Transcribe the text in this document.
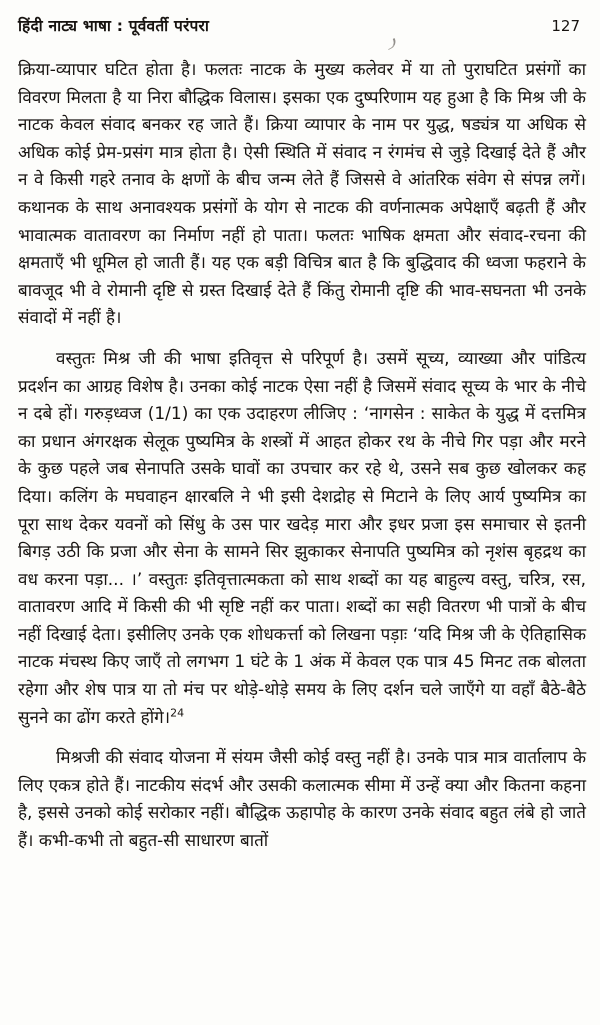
हिंदी नाट्य भाषा : पूर्ववर्ती परंपरा	127

क्रिया-व्यापार घटित होता है। फलतः नाटक के मुख्य कलेवर में या तो पुराघटित प्रसंगों का विवरण मिलता है या निरा बौद्धिक विलास। इसका एक दुष्परिणाम यह हुआ है कि मिश्र जी के नाटक केवल संवाद बनकर रह जाते हैं। क्रिया व्यापार के नाम पर युद्ध, षड्यंत्र या अधिक से अधिक कोई प्रेम-प्रसंग मात्र होता है। ऐसी स्थिति में संवाद न रंगमंच से जुड़े दिखाई देते हैं और न वे किसी गहरे तनाव के क्षणों के बीच जन्म लेते हैं जिससे वे आंतरिक संवेग से संपन्न लगें। कथानक के साथ अनावश्यक प्रसंगों के योग से नाटक की वर्णनात्मक अपेक्षाएँ बढ़ती हैं और भावात्मक वातावरण का निर्माण नहीं हो पाता। फलतः भाषिक क्षमता और संवाद-रचना की क्षमताएँ भी धूमिल हो जाती हैं। यह एक बड़ी विचित्र बात है कि बुद्धिवाद की ध्वजा फहराने के बावजूद भी वे रोमानी दृष्टि से ग्रस्त दिखाई देते हैं किंतु रोमानी दृष्टि की भाव-सघनता भी उनके संवादों में नहीं है।

वस्तुतः मिश्र जी की भाषा इतिवृत्त से परिपूर्ण है। उसमें सूच्य, व्याख्या और पांडित्य प्रदर्शन का आग्रह विशेष है। उनका कोई नाटक ऐसा नहीं है जिसमें संवाद सूच्य के भार के नीचे न दबे हों। गरुड़ध्वज (1/1) का एक उदाहरण लीजिए : ‘नागसेन : साकेत के युद्ध में दत्तमित्र का प्रधान अंगरक्षक सेलूक पुष्यमित्र के शस्त्रों में आहत होकर रथ के नीचे गिर पड़ा और मरने के कुछ पहले जब सेनापति उसके घावों का उपचार कर रहे थे, उसने सब कुछ खोलकर कह दिया। कलिंग के मघवाहन क्षारबलि ने भी इसी देशद्रोह से मिटाने के लिए आर्य पुष्यमित्र का पूरा साथ देकर यवनों को सिंधु के उस पार खदेड़ मारा और इधर प्रजा इस समाचार से इतनी बिगड़ उठी कि प्रजा और सेना के सामने सिर झुकाकर सेनापति पुष्यमित्र को नृशंस बृहद्रथ का वध करना पड़ा... ।’ वस्तुतः इतिवृत्तात्मकता को साथ शब्दों का यह बाहुल्य वस्तु, चरित्र, रस, वातावरण आदि में किसी की भी सृष्टि नहीं कर पाता। शब्दों का सही वितरण भी पात्रों के बीच नहीं दिखाई देता। इसीलिए उनके एक शोधकर्त्ता को लिखना पड़ाः ‘यदि मिश्र जी के ऐतिहासिक नाटक मंचस्थ किए जाएँ तो लगभग 1 घंटे के 1 अंक में केवल एक पात्र 45 मिनट तक बोलता रहेगा और शेष पात्र या तो मंच पर थोड़े-थोड़े समय के लिए दर्शन चले जाएँगे या वहाँ बैठे-बैठे सुनने का ढोंग करते होंगे।$^{24}$

मिश्रजी की संवाद योजना में संयम जैसी कोई वस्तु नहीं है। उनके पात्र मात्र वार्तालाप के लिए एकत्र होते हैं। नाटकीय संदर्भ और उसकी कलात्मक सीमा में उन्हें क्या और कितना कहना है, इससे उनको कोई सरोकार नहीं। बौद्धिक ऊहापोह के कारण उनके संवाद बहुत लंबे हो जाते हैं। कभी-कभी तो बहुत-सी साधारण बातों
